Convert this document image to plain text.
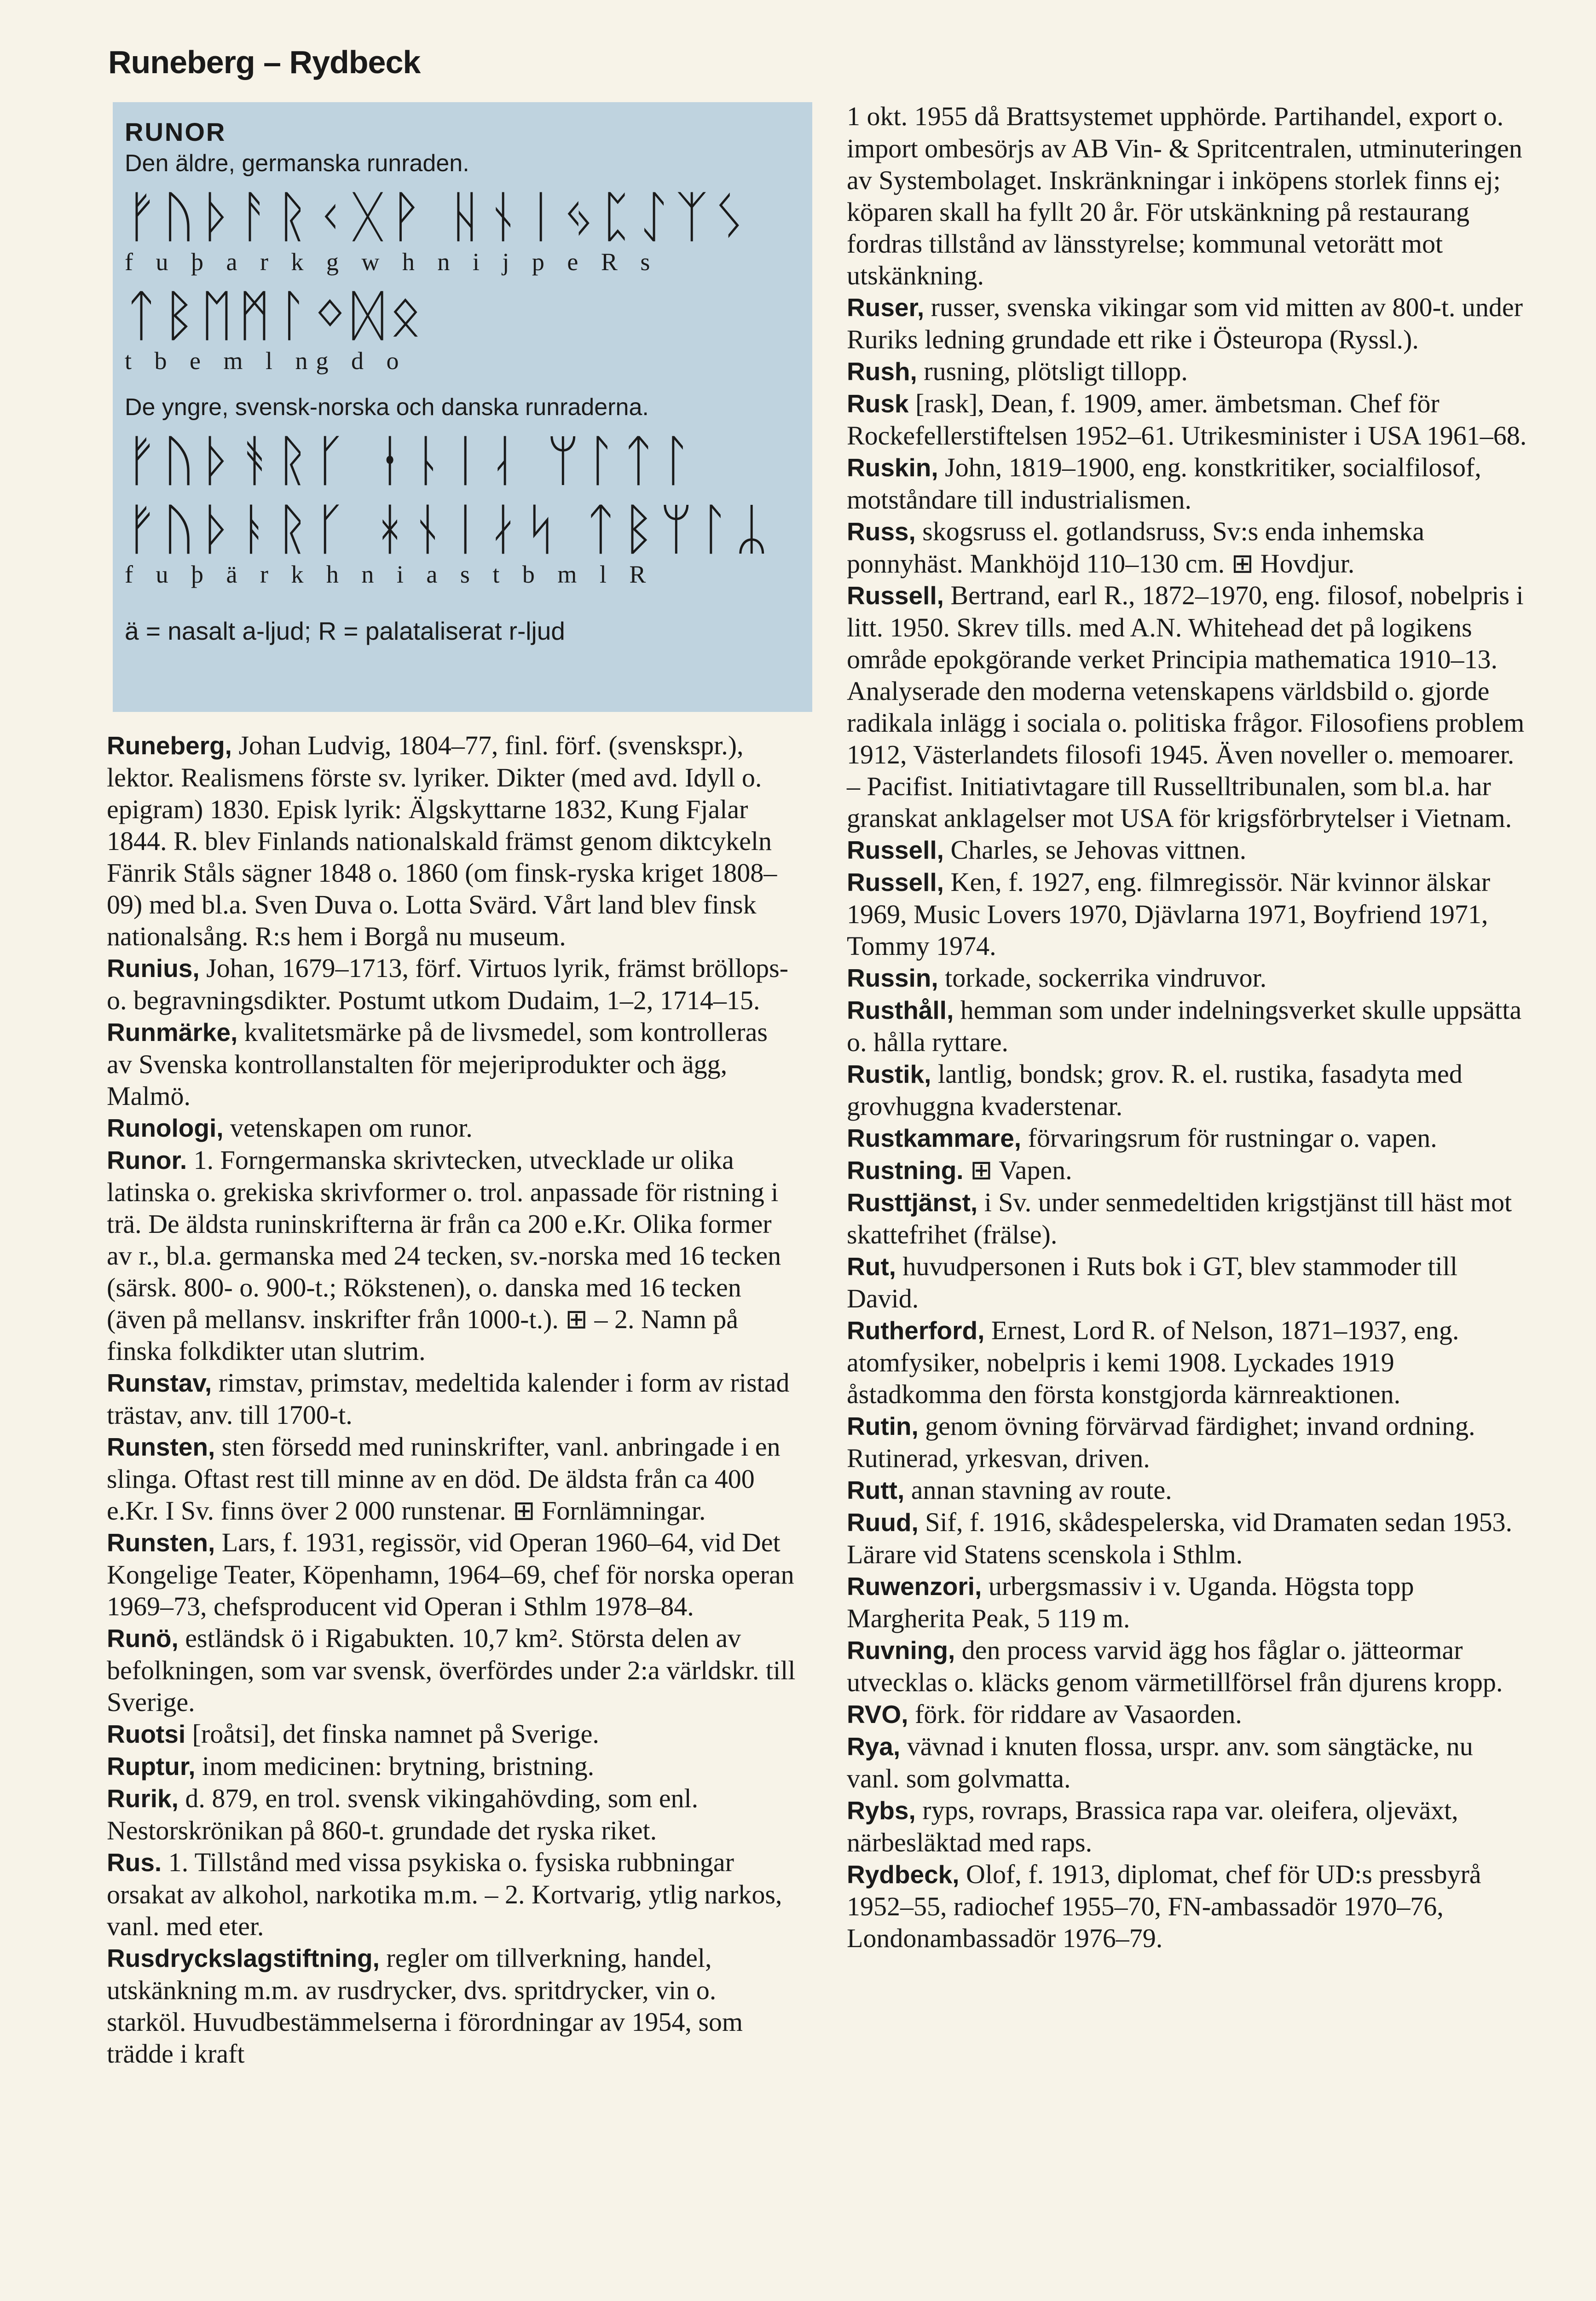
Runeberg – Rydbeck
RUNOR
Den äldre, germanska runraden.
ᚠᚢᚦᚨᚱᚲᚷᚹ ᚺᚾᛁᛃᛈᛇᛉᛊ
f u þ a r k g w h n i j p e R s
ᛏᛒᛖᛗᛚᛜᛞᛟ
t b e m l ng d o
De yngre, svensk-norska och danska runraderna.
ᚠᚢᚦᚬᚱᚴ ᚽᚿᛁᛆ ᛘᛚᛏᛚ
ᚠᚢᚦᚭᚱᚴ ᚼᚾᛁᛅᛋ ᛏᛒᛘᛚᛦ
f u þ ä r k h n i a s t b m l R
ä = nasalt a-ljud; R = palataliserat r-ljud

Runeberg, Johan Ludvig, 1804–77, finl. förf. (svenskspr.), lektor. Realismens förste sv. lyriker. Dikter (med avd. Idyll o. epigram) 1830. Episk lyrik: Älgskyttarne 1832, Kung Fjalar 1844. R. blev Finlands nationalskald främst genom diktcykeln Fänrik Ståls sägner 1848 o. 1860 (om finsk-ryska kriget 1808–09) med bl.a. Sven Duva o. Lotta Svärd. Vårt land blev finsk nationalsång. R:s hem i Borgå nu museum.

Runius, Johan, 1679–1713, förf. Virtuos lyrik, främst bröllops- o. begravningsdikter. Postumt utkom Dudaim, 1–2, 1714–15.

Runmärke, kvalitetsmärke på de livsmedel, som kontrolleras av Svenska kontrollanstalten för mejeriprodukter och ägg, Malmö.

Runologi, vetenskapen om runor.

Runor. 1. Forngermanska skrivtecken, utvecklade ur olika latinska o. grekiska skrivformer o. trol. anpassade för ristning i trä. De äldsta runinskrifterna är från ca 200 e.Kr. Olika former av r., bl.a. germanska med 24 tecken, sv.-norska med 16 tecken (särsk. 800- o. 900-t.; Rökstenen), o. danska med 16 tecken (även på mellansv. inskrifter från 1000-t.). ⊞ – 2. Namn på finska folkdikter utan slutrim.

Runstav, rimstav, primstav, medeltida kalender i form av ristad trästav, anv. till 1700-t.

Runsten, sten försedd med runinskrifter, vanl. anbringade i en slinga. Oftast rest till minne av en död. De äldsta från ca 400 e.Kr. I Sv. finns över 2 000 runstenar. ⊞ Fornlämningar.

Runsten, Lars, f. 1931, regissör, vid Operan 1960–64, vid Det Kongelige Teater, Köpenhamn, 1964–69, chef för norska operan 1969–73, chefsproducent vid Operan i Sthlm 1978–84.

Runö, estländsk ö i Rigabukten. 10,7 km². Största delen av befolkningen, som var svensk, överfördes under 2:a världskr. till Sverige.

Ruotsi [roåtsi], det finska namnet på Sverige.

Ruptur, inom medicinen: brytning, bristning.

Rurik, d. 879, en trol. svensk vikingahövding, som enl. Nestorskrönikan på 860-t. grundade det ryska riket.

Rus. 1. Tillstånd med vissa psykiska o. fysiska rubbningar orsakat av alkohol, narkotika m.m. – 2. Kortvarig, ytlig narkos, vanl. med eter.

Rusdryckslagstiftning, regler om tillverkning, handel, utskänkning m.m. av rusdrycker, dvs. spritdrycker, vin o. starköl. Huvudbestämmelserna i förordningar av 1954, som trädde i kraft

1 okt. 1955 då Brattsystemet upphörde. Partihandel, export o. import ombesörjs av AB Vin- & Spritcentralen, utminuteringen av Systembolaget. Inskränkningar i inköpens storlek finns ej; köparen skall ha fyllt 20 år. För utskänkning på restaurang fordras tillstånd av länsstyrelse; kommunal vetorätt mot utskänkning.

Ruser, russer, svenska vikingar som vid mitten av 800-t. under Ruriks ledning grundade ett rike i Östeuropa (Ryssl.).

Rush, rusning, plötsligt tillopp.

Rusk [rask], Dean, f. 1909, amer. ämbetsman. Chef för Rockefellerstiftelsen 1952–61. Utrikesminister i USA 1961–68.

Ruskin, John, 1819–1900, eng. konstkritiker, socialfilosof, motståndare till industrialismen.

Russ, skogsruss el. gotlandsruss, Sv:s enda inhemska ponnyhäst. Mankhöjd 110–130 cm. ⊞ Hovdjur.

Russell, Bertrand, earl R., 1872–1970, eng. filosof, nobelpris i litt. 1950. Skrev tills. med A.N. Whitehead det på logikens område epokgörande verket Principia mathematica 1910–13. Analyserade den moderna vetenskapens världsbild o. gjorde radikala inlägg i sociala o. politiska frågor. Filosofiens problem 1912, Västerlandets filosofi 1945. Även noveller o. memoarer. – Pacifist. Initiativtagare till Russelltribunalen, som bl.a. har granskat anklagelser mot USA för krigsförbrytelser i Vietnam.

Russell, Charles, se Jehovas vittnen.

Russell, Ken, f. 1927, eng. filmregissör. När kvinnor älskar 1969, Music Lovers 1970, Djävlarna 1971, Boyfriend 1971, Tommy 1974.

Russin, torkade, sockerrika vindruvor.

Rusthåll, hemman som under indelningsverket skulle uppsätta o. hålla ryttare.

Rustik, lantlig, bondsk; grov. R. el. rustika, fasadyta med grovhuggna kvaderstenar.

Rustkammare, förvaringsrum för rustningar o. vapen.

Rustning. ⊞ Vapen.

Rusttjänst, i Sv. under senmedeltiden krigstjänst till häst mot skattefrihet (frälse).

Rut, huvudpersonen i Ruts bok i GT, blev stammoder till David.

Rutherford, Ernest, Lord R. of Nelson, 1871–1937, eng. atomfysiker, nobelpris i kemi 1908. Lyckades 1919 åstadkomma den första konstgjorda kärnreaktionen.

Rutin, genom övning förvärvad färdighet; invand ordning. Rutinerad, yrkesvan, driven.

Rutt, annan stavning av route.

Ruud, Sif, f. 1916, skådespelerska, vid Dramaten sedan 1953. Lärare vid Statens scenskola i Sthlm.

Ruwenzori, urbergsmassiv i v. Uganda. Högsta topp Margherita Peak, 5 119 m.

Ruvning, den process varvid ägg hos fåglar o. jätteormar utvecklas o. kläcks genom värmetillförsel från djurens kropp.

RVO, förk. för riddare av Vasaorden.

Rya, vävnad i knuten flossa, urspr. anv. som sängtäcke, nu vanl. som golvmatta.

Rybs, ryps, rovraps, Brassica rapa var. oleifera, oljeväxt, närbesläktad med raps.

Rydbeck, Olof, f. 1913, diplomat, chef för UD:s pressbyrå 1952–55, radiochef 1955–70, FN-ambassadör 1970–76, Londonambassadör 1976–79.
